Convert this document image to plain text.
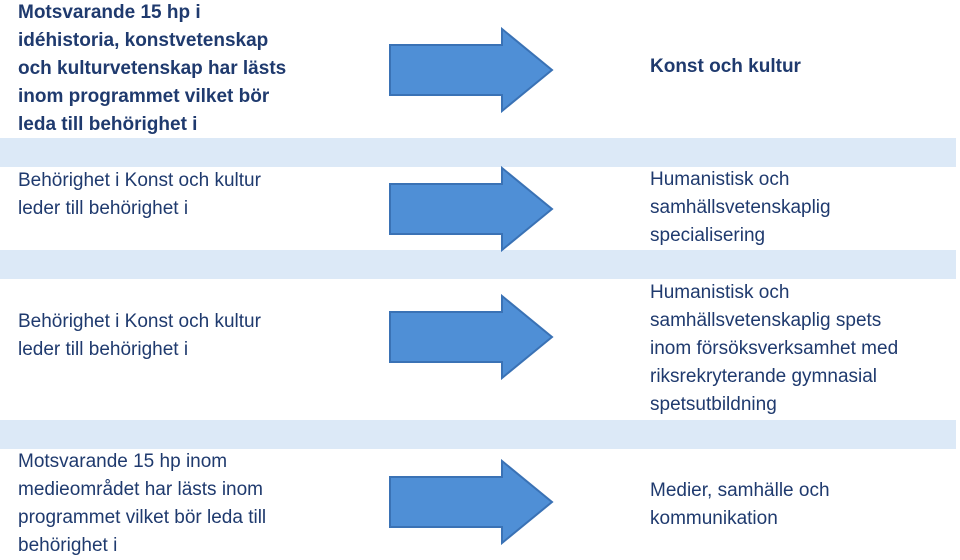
Motsvarande 15 hp i
idéhistoria, konstvetenskap
och kulturvetenskap har lästs
inom programmet vilket bör
leda till behörighet i
Konst och kultur
Behörighet i Konst och kultur
leder till behörighet i
Humanistisk och
samhällsvetenskaplig
specialisering
Behörighet i Konst och kultur
leder till behörighet i
Humanistisk och
samhällsvetenskaplig spets
inom försöksverksamhet med
riksrekryterande gymnasial
spetsutbildning
Motsvarande 15 hp inom
medieområdet har lästs inom
programmet vilket bör leda till
behörighet i
Medier, samhälle och
kommunikation
